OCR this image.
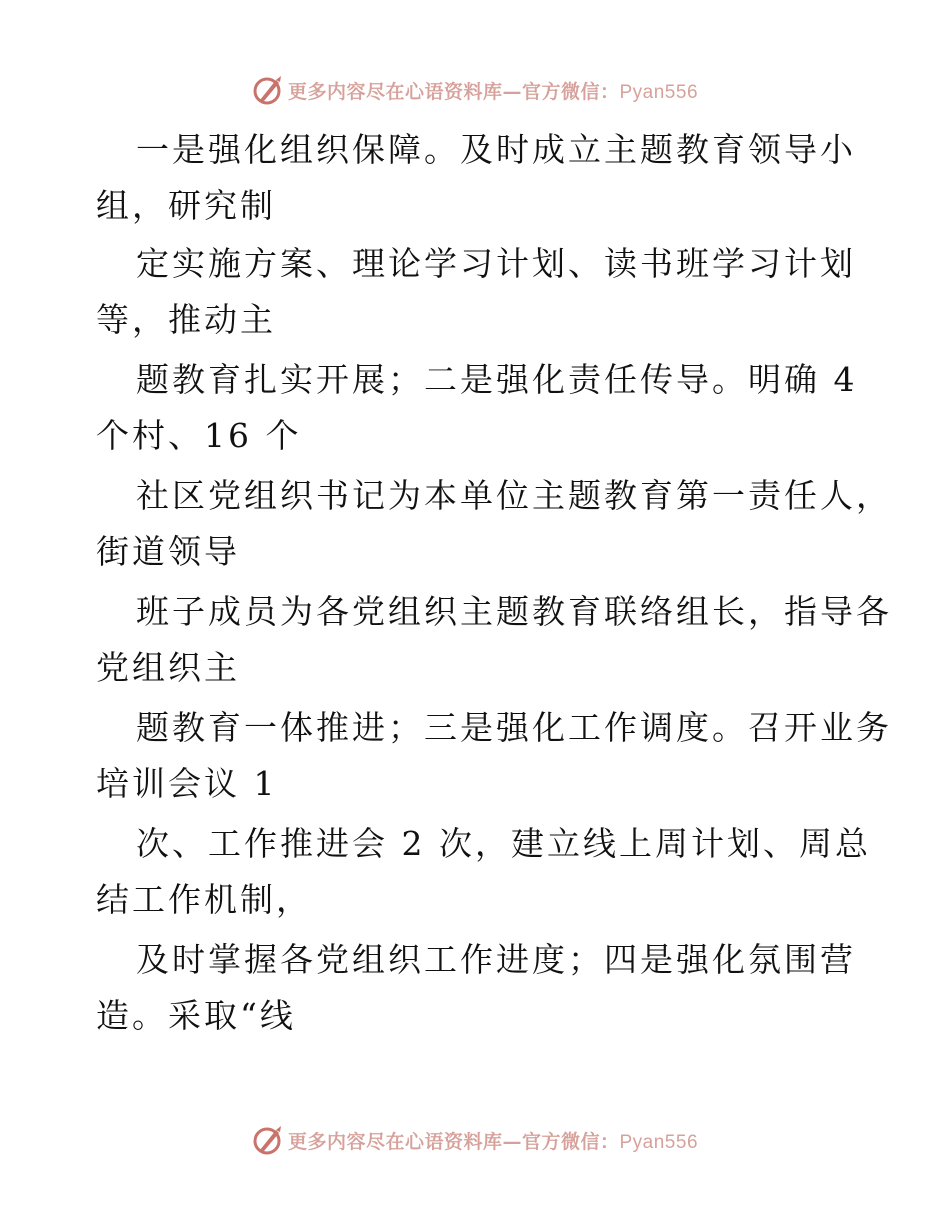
更多内容尽在心语资料库—官方微信：Pyan556
一是强化组织保障。及时成立主题教育领导小
组，研究制
定实施方案、理论学习计划、读书班学习计划
等，推动主
题教育扎实开展；二是强化责任传导。明确 4
个村、16 个
社区党组织书记为本单位主题教育第一责任人，
街道领导
班子成员为各党组织主题教育联络组长，指导各
党组织主
题教育一体推进；三是强化工作调度。召开业务
培训会议 1
次、工作推进会 2 次，建立线上周计划、周总
结工作机制，
及时掌握各党组织工作进度；四是强化氛围营
造。采取“线
更多内容尽在心语资料库—官方微信：Pyan556
